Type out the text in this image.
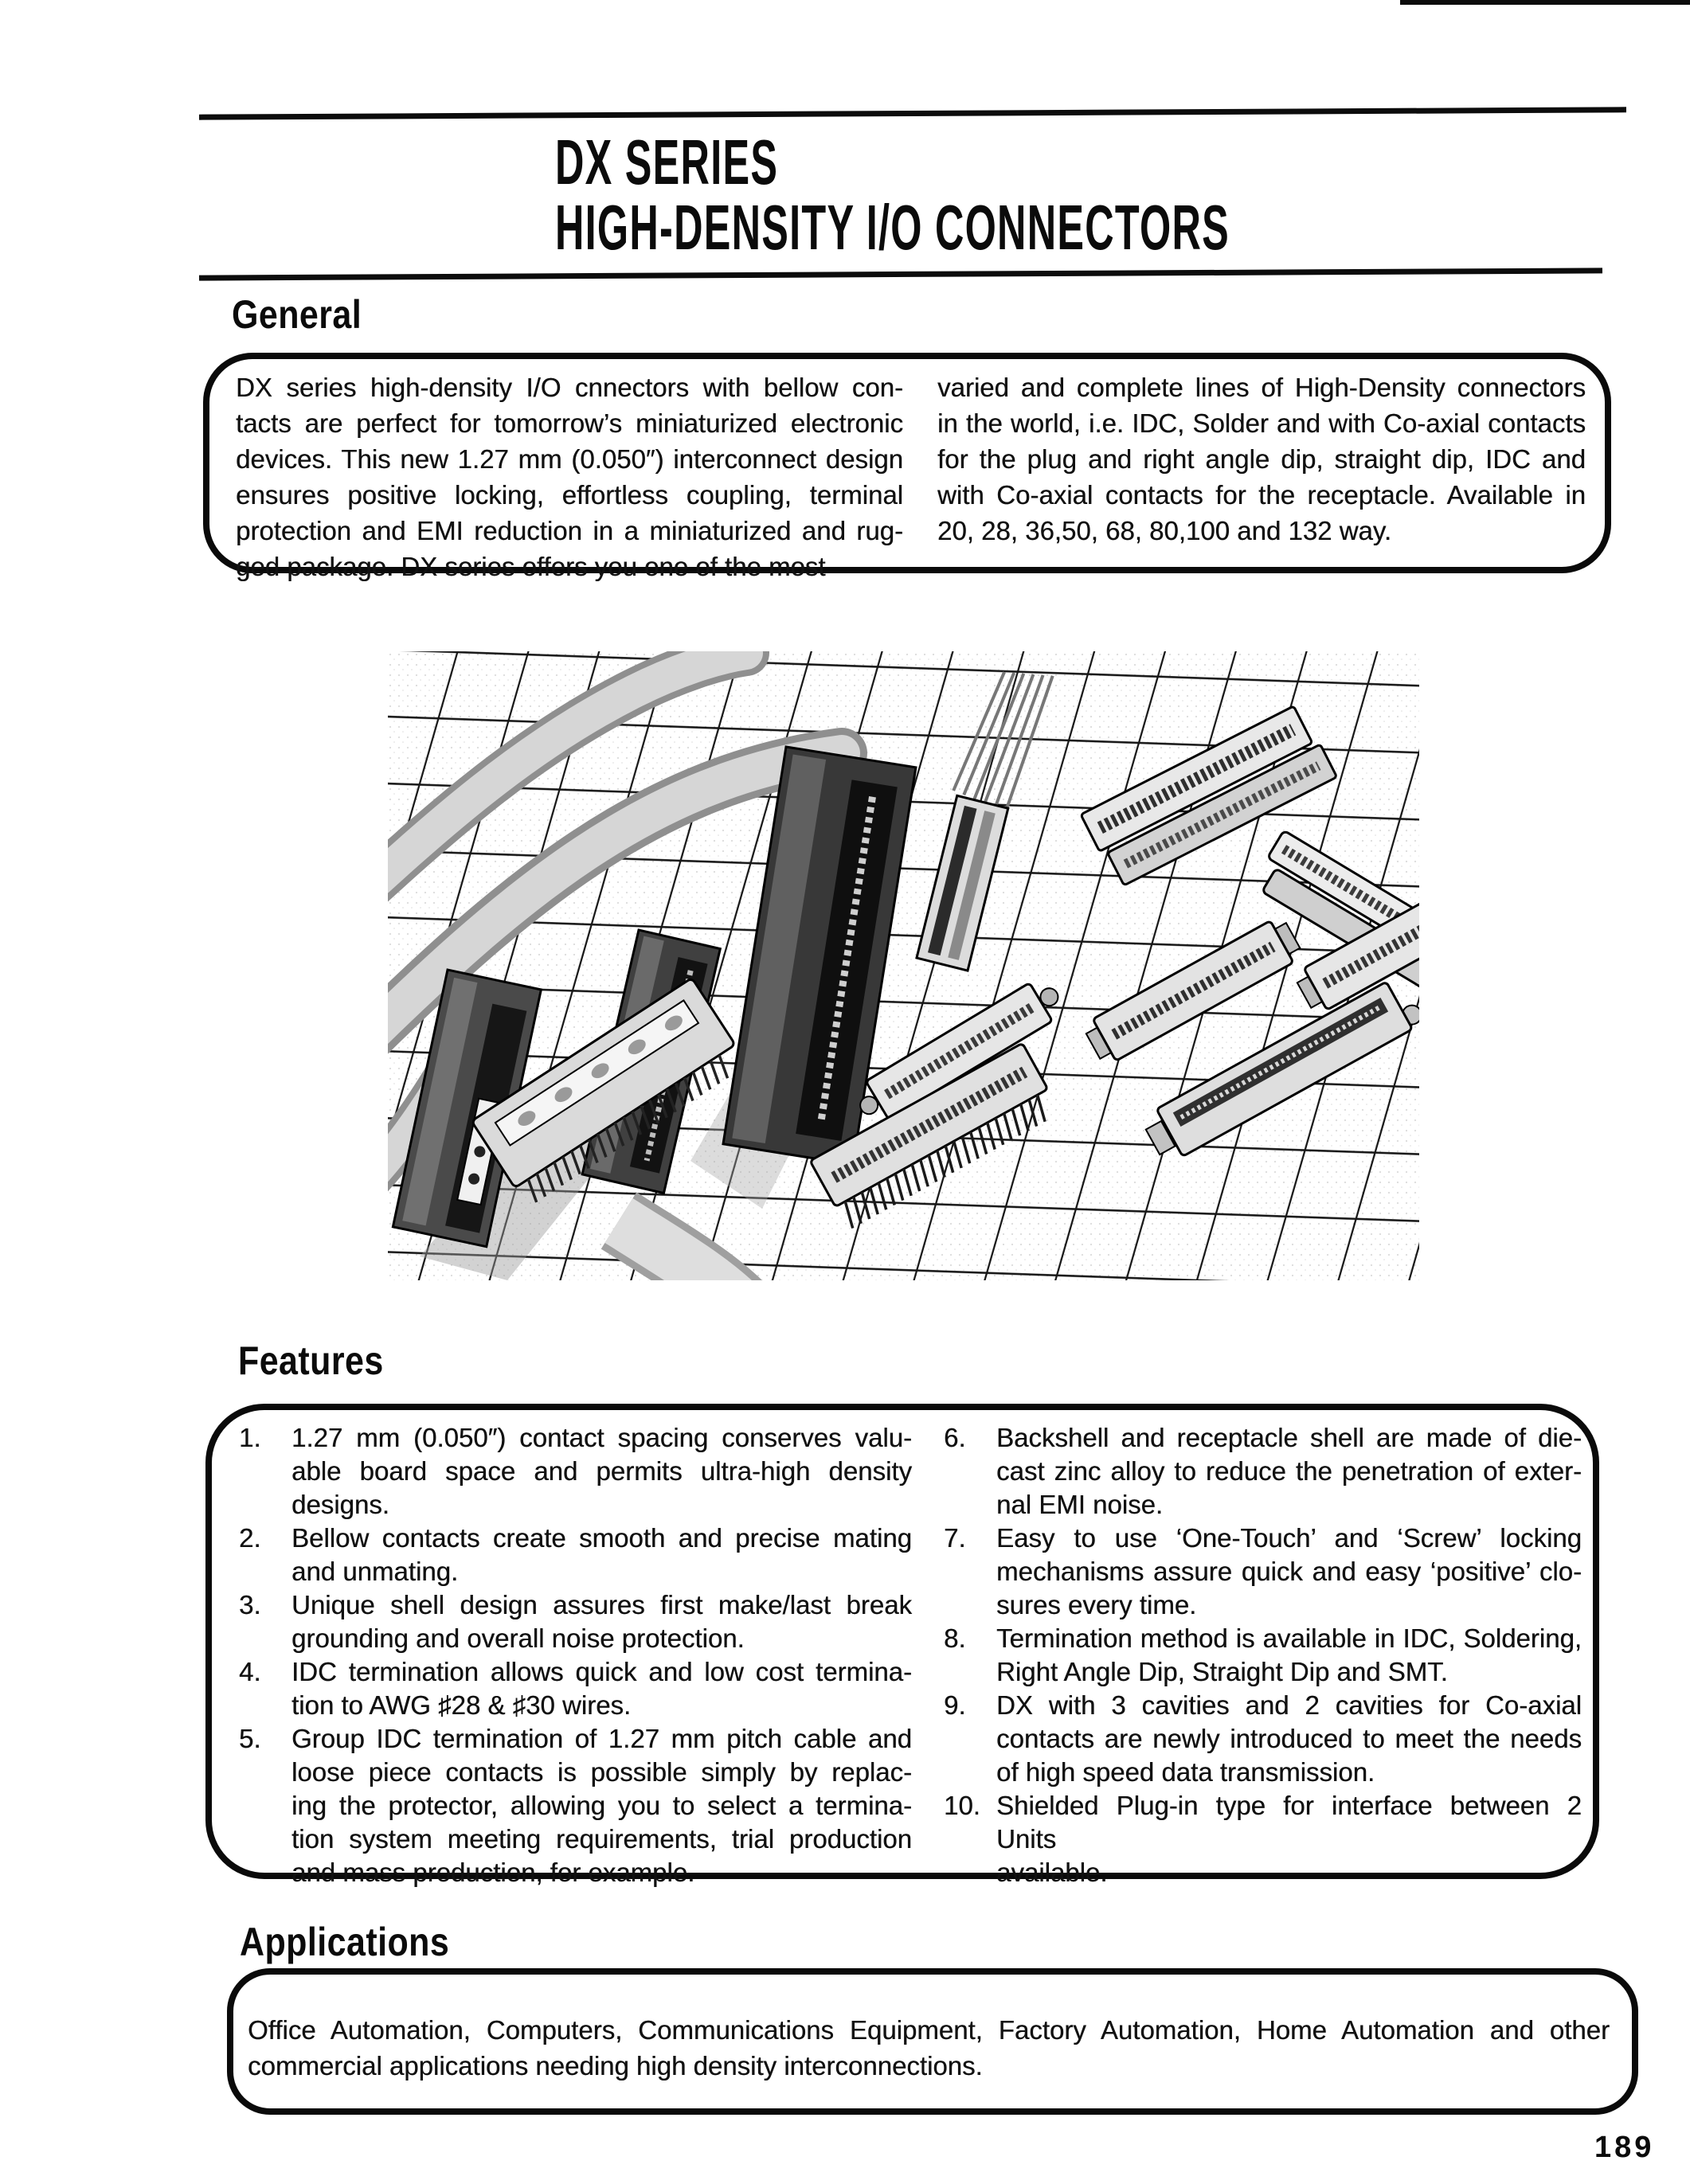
DX SERIES
HIGH-DENSITY I/O CONNECTORS
General
DX series high-density I/O cnnectors with bellow con-
tacts are perfect for tomorrow’s miniaturized electronic
devices. This new 1.27 mm (0.050″) interconnect design
ensures positive locking, effortless coupling, terminal
protection and EMI reduction in a miniaturized and rug-
ged package. DX series offers you one of the most
varied and complete lines of High-Density connectors
in the world, i.e. IDC, Solder and with Co-axial contacts
for the plug and right angle dip, straight dip, IDC and
with Co-axial contacts for the receptacle. Available in
20, 28, 36,50, 68, 80,100 and 132 way.
Features
1.	1.27 mm (0.050″) contact spacing conserves valu-
able board space and permits ultra-high density
designs.
2.	Bellow contacts create smooth and precise mating
and unmating.
3.	Unique shell design assures first make/last break
grounding and overall noise protection.
4.	IDC termination allows quick and low cost termina-
tion to AWG ♯28 & ♯30 wires.
5.	Group IDC termination of 1.27 mm pitch cable and
loose piece contacts is possible simply by replac-
ing the protector, allowing you to select a termina-
tion system meeting requirements, trial production
and mass production, for example.
6.	Backshell and receptacle shell are made of die-
cast zinc alloy to reduce the penetration of exter-
nal EMI noise.
7.	Easy to use ‘One-Touch’ and ‘Screw’ locking
mechanisms assure quick and easy ‘positive’ clo-
sures every time.
8.	Termination method is available in IDC, Soldering,
Right Angle Dip, Straight Dip and SMT.
9.	DX with 3 cavities and 2 cavities for Co-axial
contacts are newly introduced to meet the needs
of high speed data transmission.
10. Shielded Plug-in type for interface between 2 Units
available.
Applications
Office Automation, Computers, Communications Equipment, Factory Automation, Home Automation and other
commercial applications needing high density interconnections.
189
